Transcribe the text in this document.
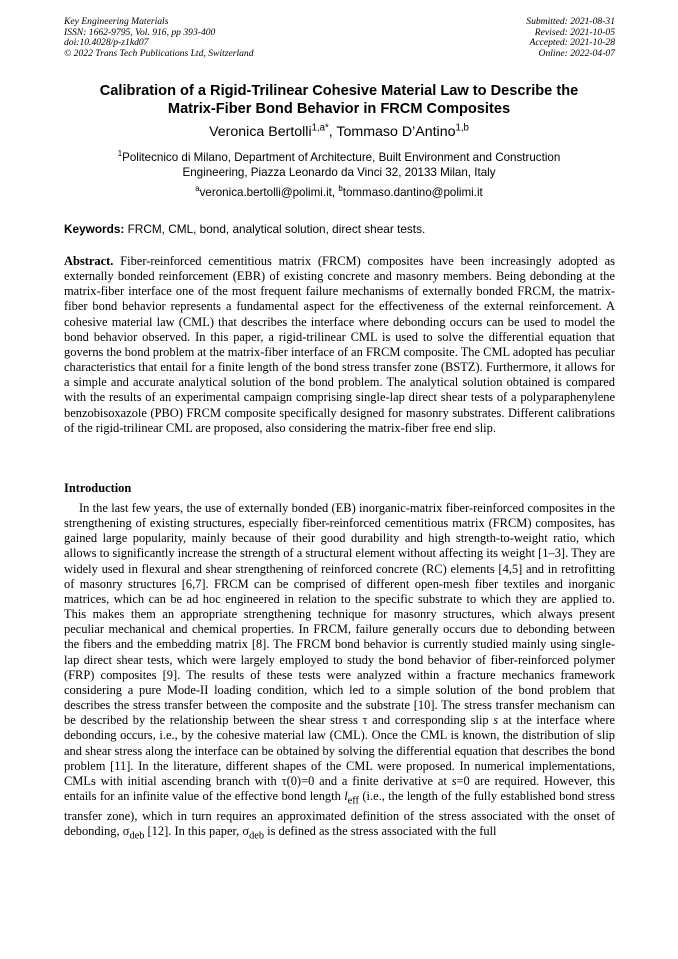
Key Engineering Materials
ISSN: 1662-9795, Vol. 916, pp 393-400
doi:10.4028/p-z1kd07
© 2022 Trans Tech Publications Ltd, Switzerland
Submitted: 2021-08-31
Revised: 2021-10-05
Accepted: 2021-10-28
Online: 2022-04-07
Calibration of a Rigid-Trilinear Cohesive Material Law to Describe the
Matrix-Fiber Bond Behavior in FRCM Composites
Veronica Bertolli$^{1,a*}$, Tommaso D’Antino$^{1,b}$
$^1$Politecnico di Milano, Department of Architecture, Built Environment and Construction
Engineering, Piazza Leonardo da Vinci 32, 20133 Milan, Italy
$^a$veronica.bertolli@polimi.it, $^b$tommaso.dantino@polimi.it
Keywords: FRCM, CML, bond, analytical solution, direct shear tests.
Abstract. Fiber-reinforced cementitious matrix (FRCM) composites have been increasingly adopted as externally bonded reinforcement (EBR) of existing concrete and masonry members. Being debonding at the matrix-fiber interface one of the most frequent failure mechanisms of externally bonded FRCM, the matrix-fiber bond behavior represents a fundamental aspect for the effectiveness of the external reinforcement. A cohesive material law (CML) that describes the interface where debonding occurs can be used to model the bond behavior observed. In this paper, a rigid-trilinear CML is used to solve the differential equation that governs the bond problem at the matrix-fiber interface of an FRCM composite. The CML adopted has peculiar characteristics that entail for a finite length of the bond stress transfer zone (BSTZ). Furthermore, it allows for a simple and accurate analytical solution of the bond problem. The analytical solution obtained is compared with the results of an experimental campaign comprising single-lap direct shear tests of a polyparaphenylene benzobisoxazole (PBO) FRCM composite specifically designed for masonry substrates. Different calibrations of the rigid-trilinear CML are proposed, also considering the matrix-fiber free end slip.
Introduction
In the last few years, the use of externally bonded (EB) inorganic-matrix fiber-reinforced composites in the strengthening of existing structures, especially fiber-reinforced cementitious matrix (FRCM) composites, has gained large popularity, mainly because of their good durability and high strength-to-weight ratio, which allows to significantly increase the strength of a structural element without affecting its weight [1–3]. They are widely used in flexural and shear strengthening of reinforced concrete (RC) elements [4,5] and in retrofitting of masonry structures [6,7]. FRCM can be comprised of different open-mesh fiber textiles and inorganic matrices, which can be ad hoc engineered in relation to the specific substrate to which they are applied to. This makes them an appropriate strengthening technique for masonry structures, which always present peculiar mechanical and chemical properties. In FRCM, failure generally occurs due to debonding between the fibers and the embedding matrix [8]. The FRCM bond behavior is currently studied mainly using single-lap direct shear tests, which were largely employed to study the bond behavior of fiber-reinforced polymer (FRP) composites [9]. The results of these tests were analyzed within a fracture mechanics framework considering a pure Mode-II loading condition, which led to a simple solution of the bond problem that describes the stress transfer between the composite and the substrate [10]. The stress transfer mechanism can be described by the relationship between the shear stress τ and corresponding slip s at the interface where debonding occurs, i.e., by the cohesive material law (CML). Once the CML is known, the distribution of slip and shear stress along the interface can be obtained by solving the differential equation that describes the bond problem [11]. In the literature, different shapes of the CML were proposed. In numerical implementations, CMLs with initial ascending branch with τ(0)=0 and a finite derivative at s=0 are required. However, this entails for an infinite value of the effective bond length $l_{eff}$ (i.e., the length of the fully established bond stress transfer zone), which in turn requires an approximated definition of the stress associated with the onset of debonding, $\sigma_{deb}$ [12]. In this paper, $\sigma_{deb}$ is defined as the stress associated with the full
